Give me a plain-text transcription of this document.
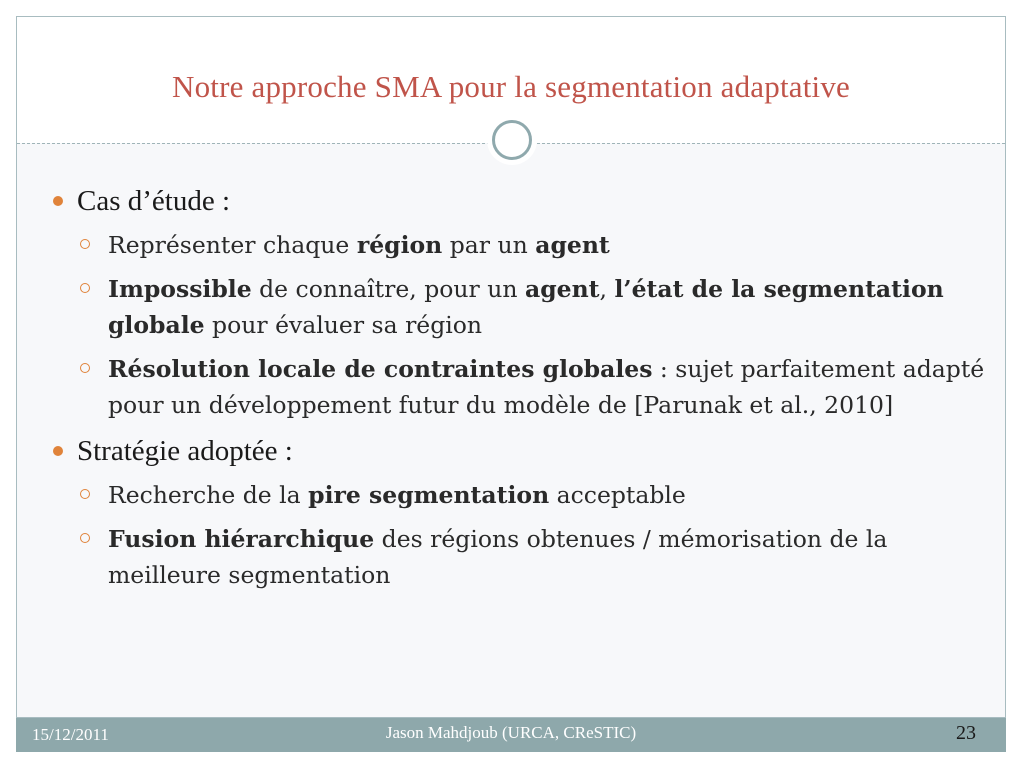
Notre approche SMA pour la segmentation adaptative
Cas d’étude :
Représenter chaque région par un agent
Impossible de connaître, pour un agent, l’état de la segmentation globale pour évaluer sa région
Résolution locale de contraintes globales : sujet parfaitement adapté pour un développement futur du modèle de [Parunak et al., 2010]
Stratégie adoptée :
Recherche de la pire segmentation acceptable
Fusion hiérarchique des régions obtenues / mémorisation de la meilleure segmentation
15/12/2011	Jason Mahdjoub (URCA, CReSTIC)	23
